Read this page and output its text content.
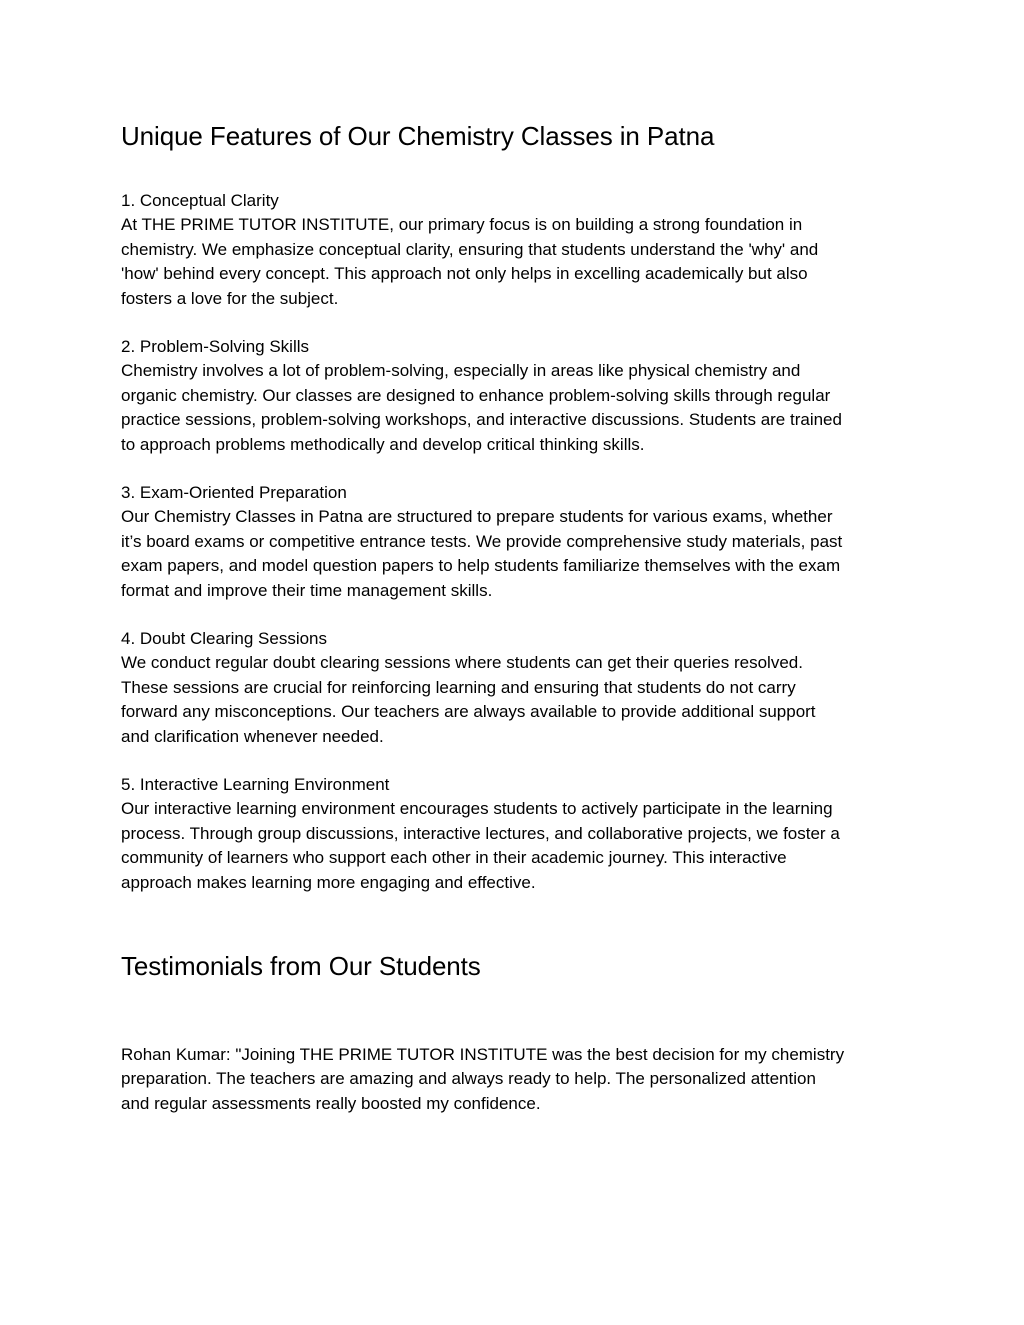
Unique Features of Our Chemistry Classes in Patna

1. Conceptual Clarity

At THE PRIME TUTOR INSTITUTE, our primary focus is on building a strong foundation in

chemistry. We emphasize conceptual clarity, ensuring that students understand the 'why' and

'how' behind every concept. This approach not only helps in excelling academically but also

fosters a love for the subject.

2. Problem-Solving Skills

Chemistry involves a lot of problem-solving, especially in areas like physical chemistry and

organic chemistry. Our classes are designed to enhance problem-solving skills through regular

practice sessions, problem-solving workshops, and interactive discussions. Students are trained

to approach problems methodically and develop critical thinking skills.

3. Exam-Oriented Preparation

Our Chemistry Classes in Patna are structured to prepare students for various exams, whether

it’s board exams or competitive entrance tests. We provide comprehensive study materials, past

exam papers, and model question papers to help students familiarize themselves with the exam

format and improve their time management skills.

4. Doubt Clearing Sessions

We conduct regular doubt clearing sessions where students can get their queries resolved.

These sessions are crucial for reinforcing learning and ensuring that students do not carry

forward any misconceptions. Our teachers are always available to provide additional support

and clarification whenever needed.

5. Interactive Learning Environment

Our interactive learning environment encourages students to actively participate in the learning

process. Through group discussions, interactive lectures, and collaborative projects, we foster a

community of learners who support each other in their academic journey. This interactive

approach makes learning more engaging and effective.

Testimonials from Our Students

Rohan Kumar: "Joining THE PRIME TUTOR INSTITUTE was the best decision for my chemistry

preparation. The teachers are amazing and always ready to help. The personalized attention

and regular assessments really boosted my confidence.
